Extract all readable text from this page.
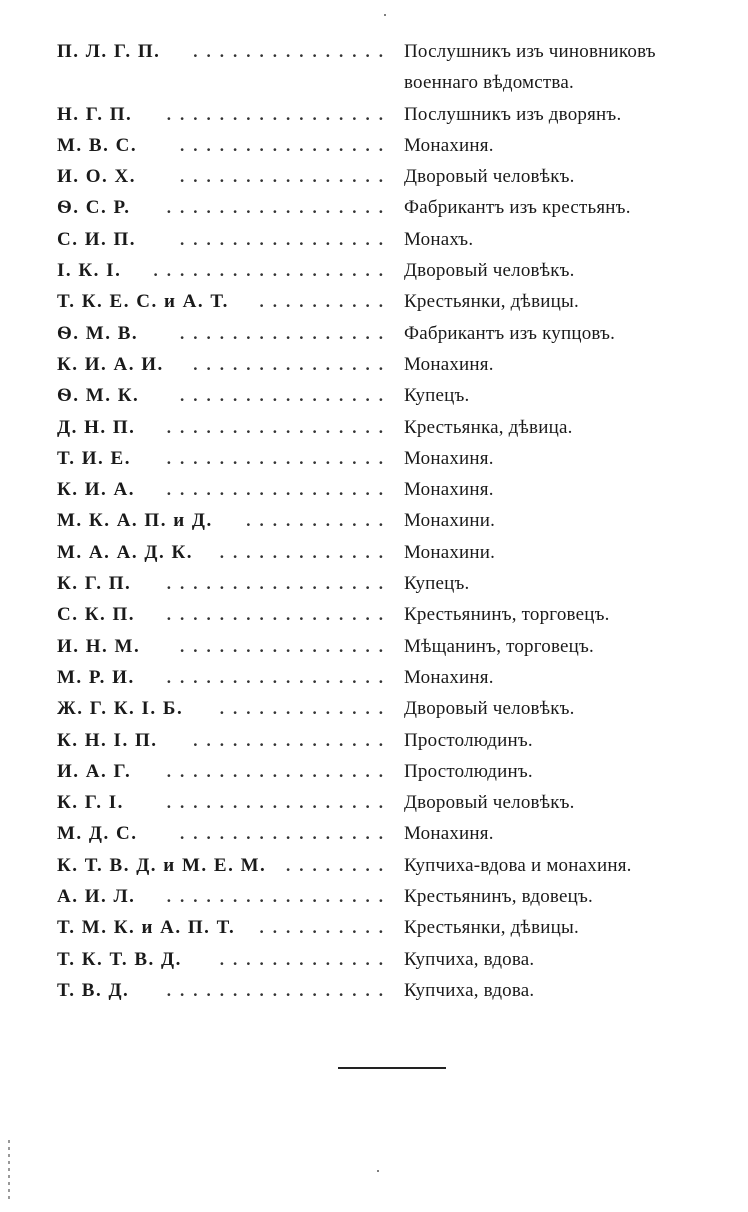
П. Л. Г. П.	............... Послушникъ изъ чиновниковъ военнаго вѣдомства.
Н. Г. П.	................. Послушникъ изъ дворянъ.
М. В. С.	................ Монахиня.
И. О. Х.	................ Дворовый человѣкъ.
Ѳ. С. Р.	................. Фабрикантъ изъ крестьянъ.
С. И. П.	................ Монахъ.
І. К. І.	.................. Дворовый человѣкъ.
Т. К. Е. С. и А. Т.	.......... Крестьянки, дѣвицы.
Ѳ. М. В.	................ Фабрикантъ изъ купцовъ.
К. И. А. И.	............... Монахиня.
Ѳ. М. К.	................ Купецъ.
Д. Н. П.	................. Крестьянка, дѣвица.
Т. И. Е.	................. Монахиня.
К. И. А.	................. Монахиня.
М. К. А. П. и Д.	........... Монахини.
М. А. А. Д. К.	............. Монахини.
К. Г. П.	................. Купецъ.
С. К. П.	................. Крестьянинъ, торговецъ.
И. Н. М.	................ Мѣщанинъ, торговецъ.
М. Р. И.	................. Монахиня.
Ж. Г. К. І. Б.	............. Дворовый человѣкъ.
К. Н. І. П.	............... Простолюдинъ.
И. А. Г.	................. Простолюдинъ.
К. Г. І.	................. Дворовый человѣкъ.
М. Д. С.	................ Монахиня.
К. Т. В. Д. и М. Е. М.	........ Купчиха-вдова и монахиня.
А. И. Л.	................. Крестьянинъ, вдовецъ.
Т. М. К. и А. П. Т.	.......... Крестьянки, дѣвицы.
Т. К. Т. В. Д.	............. Купчиха, вдова.
Т. В. Д.	................. Купчиха, вдова.
